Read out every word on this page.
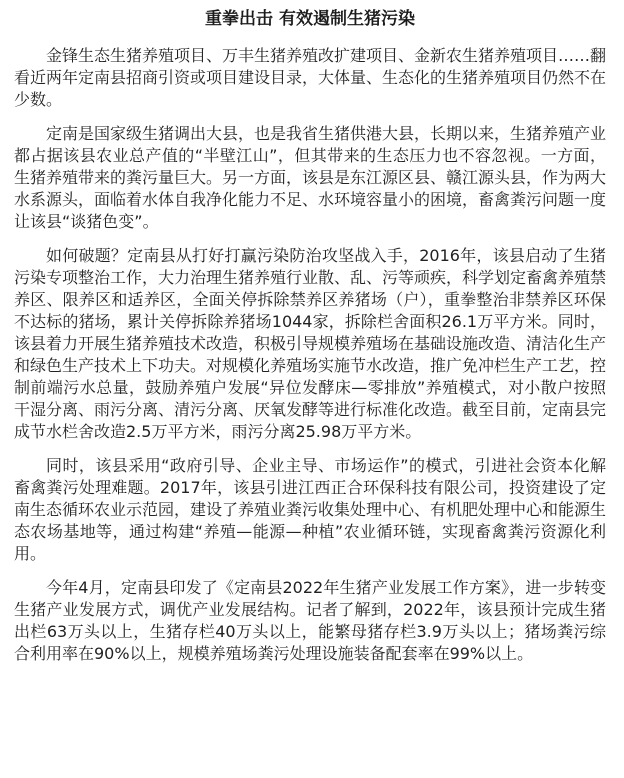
重拳出击 有效遏制生猪污染

金锋生态生猪养殖项目、万丰生猪养殖改扩建项目、金新农生猪养殖项目……翻看近两年定南县招商引资或项目建设目录，大体量、生态化的生猪养殖项目仍然不在少数。

定南是国家级生猪调出大县，也是我省生猪供港大县，长期以来，生猪养殖产业都占据该县农业总产值的“半壁江山”，但其带来的生态压力也不容忽视。一方面，生猪养殖带来的粪污量巨大。另一方面，该县是东江源区县、赣江源头县，作为两大水系源头，面临着水体自我净化能力不足、水环境容量小的困境，畜禽粪污问题一度让该县“谈猪色变”。

如何破题？定南县从打好打赢污染防治攻坚战入手，2016年，该县启动了生猪污染专项整治工作，大力治理生猪养殖行业散、乱、污等顽疾，科学划定畜禽养殖禁养区、限养区和适养区，全面关停拆除禁养区养猪场（户），重拳整治非禁养区环保不达标的猪场，累计关停拆除养猪场1044家，拆除栏舍面积26.1万平方米。同时，该县着力开展生猪养殖技术改造，积极引导规模养殖场在基础设施改造、清洁化生产和绿色生产技术上下功夫。对规模化养殖场实施节水改造，推广免冲栏生产工艺，控制前端污水总量，鼓励养殖户发展“异位发酵床—零排放”养殖模式，对小散户按照干湿分离、雨污分离、清污分离、厌氧发酵等进行标准化改造。截至目前，定南县完成节水栏舍改造2.5万平方米，雨污分离25.98万平方米。

同时，该县采用“政府引导、企业主导、市场运作”的模式，引进社会资本化解畜禽粪污处理难题。2017年，该县引进江西正合环保科技有限公司，投资建设了定南生态循环农业示范园，建设了养殖业粪污收集处理中心、有机肥处理中心和能源生态农场基地等，通过构建“养殖—能源—种植”农业循环链，实现畜禽粪污资源化利用。

今年4月，定南县印发了《定南县2022年生猪产业发展工作方案》，进一步转变生猪产业发展方式，调优产业发展结构。记者了解到，2022年，该县预计完成生猪出栏63万头以上，生猪存栏40万头以上，能繁母猪存栏3.9万头以上；猪场粪污综合利用率在90%以上，规模养殖场粪污处理设施装备配套率在99%以上。
